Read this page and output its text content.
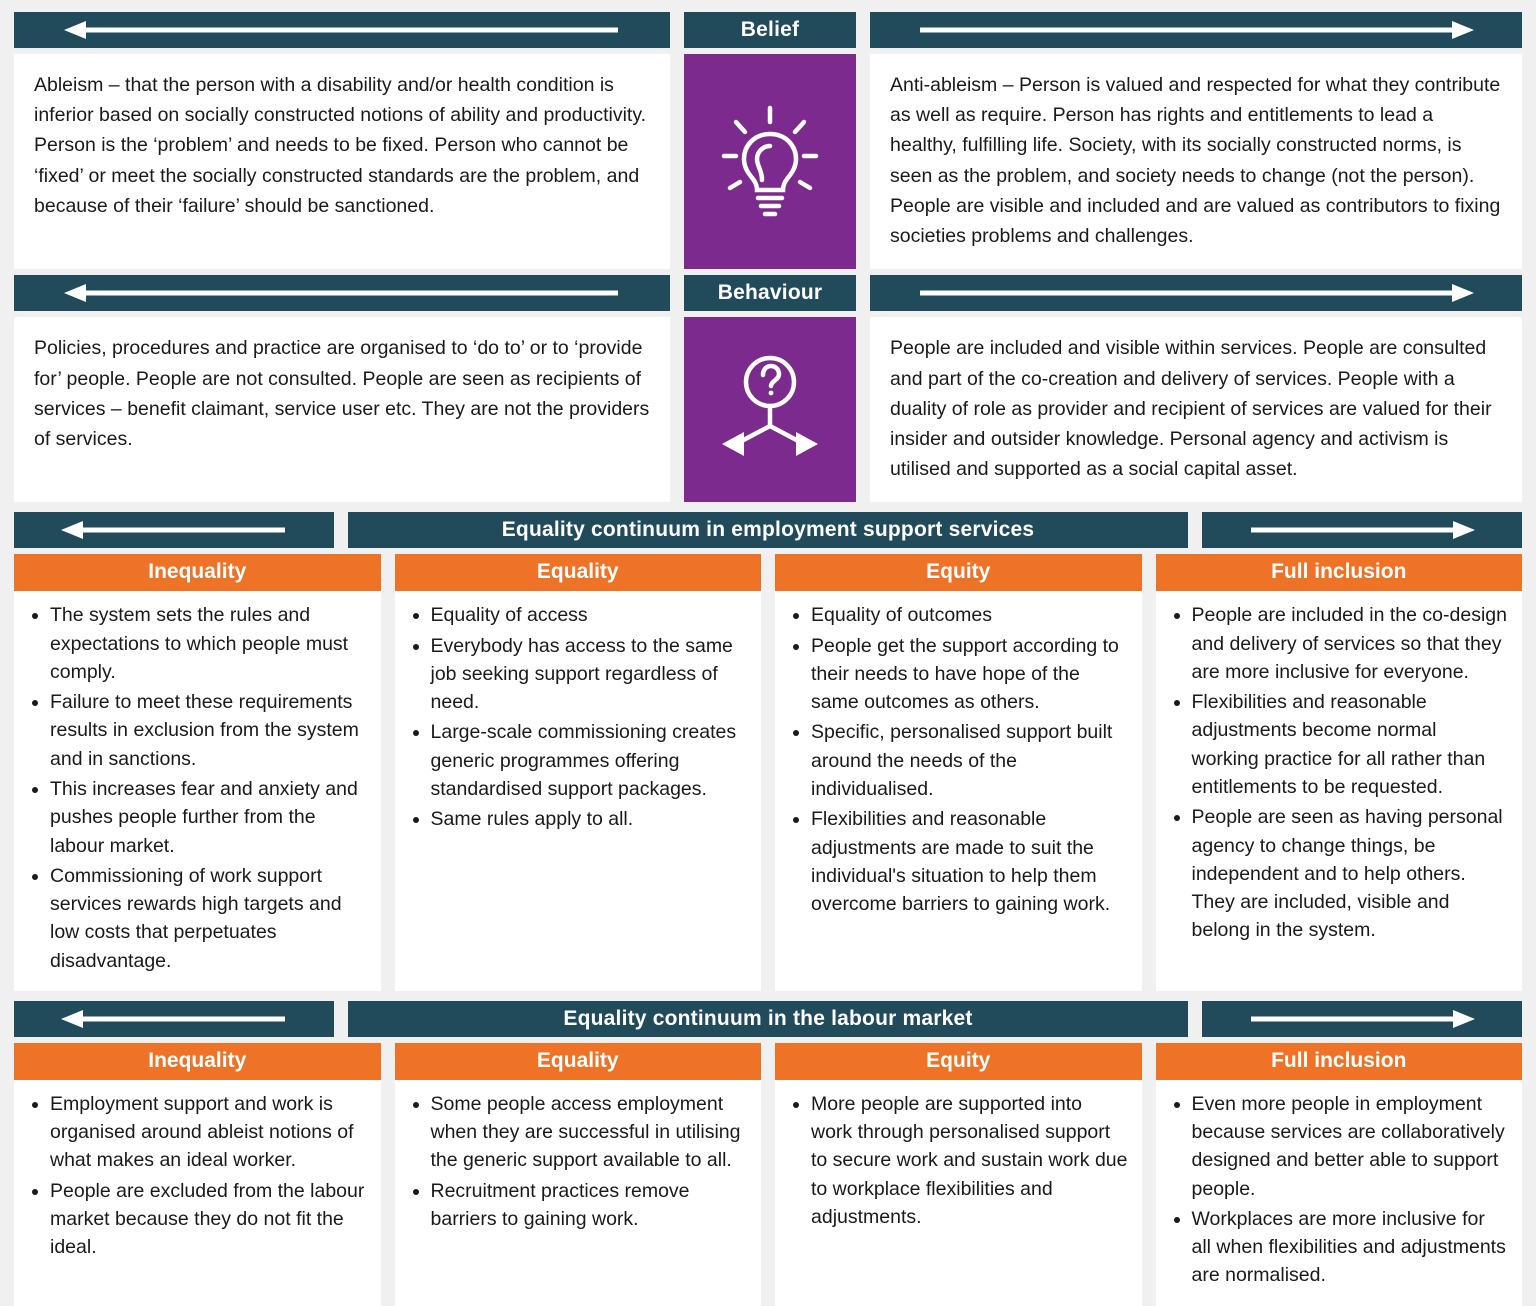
Belief

Ableism – that the person with a disability and/or health condition is inferior based on socially constructed notions of ability and productivity. Person is the ‘problem’ and needs to be fixed. Person who cannot be ‘fixed’ or meet the socially constructed standards are the problem, and because of their ‘failure’ should be sanctioned.

Anti-ableism – Person is valued and respected for what they contribute as well as require. Person has rights and entitlements to lead a healthy, fulfilling life. Society, with its socially constructed norms, is seen as the problem, and society needs to change (not the person). People are visible and included and are valued as contributors to fixing societies problems and challenges.

Behaviour

Policies, procedures and practice are organised to ‘do to’ or to ‘provide for’ people. People are not consulted. People are seen as recipients of services – benefit claimant, service user etc. They are not the providers of services.

People are included and visible within services. People are consulted and part of the co-creation and delivery of services. People with a duality of role as provider and recipient of services are valued for their insider and outsider knowledge. Personal agency and activism is utilised and supported as a social capital asset.

Equality continuum in employment support services
Inequality
• The system sets the rules and expectations to which people must comply.
• Failure to meet these requirements results in exclusion from the system and in sanctions.
• This increases fear and anxiety and pushes people further from the labour market.
• Commissioning of work support services rewards high targets and low costs that perpetuates disadvantage.
Equality
• Equality of access
• Everybody has access to the same job seeking support regardless of need.
• Large-scale commissioning creates generic programmes offering standardised support packages.
• Same rules apply to all.
Equity
• Equality of outcomes
• People get the support according to their needs to have hope of the same outcomes as others.
• Specific, personalised support built around the needs of the individualised.
• Flexibilities and reasonable adjustments are made to suit the individual's situation to help them overcome barriers to gaining work.
Full inclusion
• People are included in the co-design and delivery of services so that they are more inclusive for everyone.
• Flexibilities and reasonable adjustments become normal working practice for all rather than entitlements to be requested.
• People are seen as having personal agency to change things, be independent and to help others. They are included, visible and belong in the system.
Equality continuum in the labour market
Inequality
• Employment support and work is organised around ableist notions of what makes an ideal worker.
• People are excluded from the labour market because they do not fit the ideal.
Equality
• Some people access employment when they are successful in utilising the generic support available to all.
• Recruitment practices remove barriers to gaining work.
Equity
• More people are supported into work through personalised support to secure work and sustain work due to workplace flexibilities and adjustments.
Full inclusion
• Even more people in employment because services are collaboratively designed and better able to support people.
• Workplaces are more inclusive for all when flexibilities and adjustments are normalised.
